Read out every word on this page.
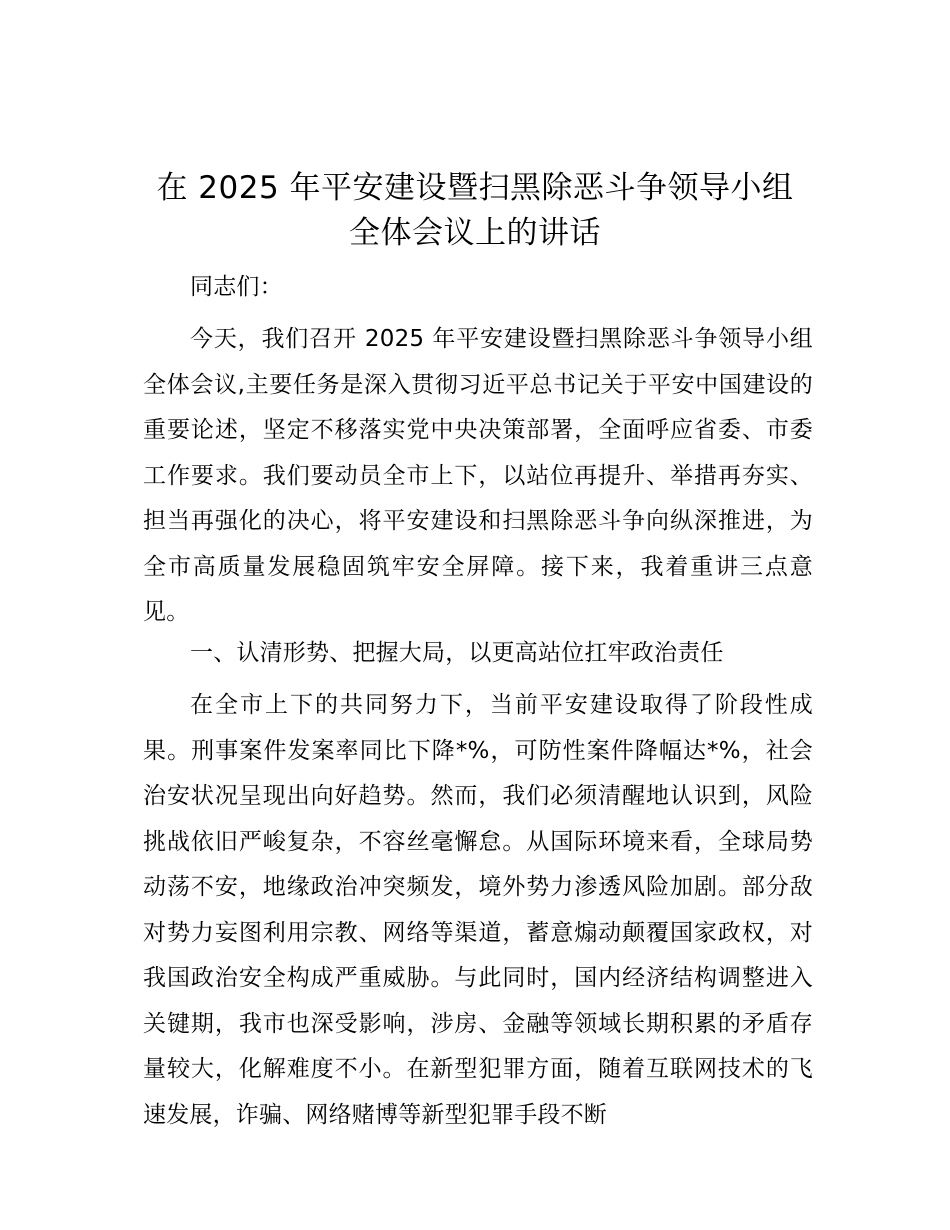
在 2025 年平安建设暨扫黑除恶斗争领导小组
全体会议上的讲话
同志们：

今天，我们召开 2025 年平安建设暨扫黑除恶斗争领导小组全体会议,主要任务是深入贯彻习近平总书记关于平安中国建设的重要论述，坚定不移落实党中央决策部署，全面呼应省委、市委工作要求。我们要动员全市上下，以站位再提升、举措再夯实、担当再强化的决心，将平安建设和扫黑除恶斗争向纵深推进，为全市高质量发展稳固筑牢安全屏障。接下来，我着重讲三点意见。

一、认清形势、把握大局，以更高站位扛牢政治责任

在全市上下的共同努力下，当前平安建设取得了阶段性成果。刑事案件发案率同比下降*%，可防性案件降幅达*%，社会治安状况呈现出向好趋势。然而，我们必须清醒地认识到，风险挑战依旧严峻复杂，不容丝毫懈怠。从国际环境来看，全球局势动荡不安，地缘政治冲突频发，境外势力渗透风险加剧。部分敌对势力妄图利用宗教、网络等渠道，蓄意煽动颠覆国家政权，对我国政治安全构成严重威胁。与此同时，国内经济结构调整进入关键期，我市也深受影响，涉房、金融等领域长期积累的矛盾存量较大，化解难度不小。在新型犯罪方面，随着互联网技术的飞速发展，诈骗、网络赌博等新型犯罪手段不断
